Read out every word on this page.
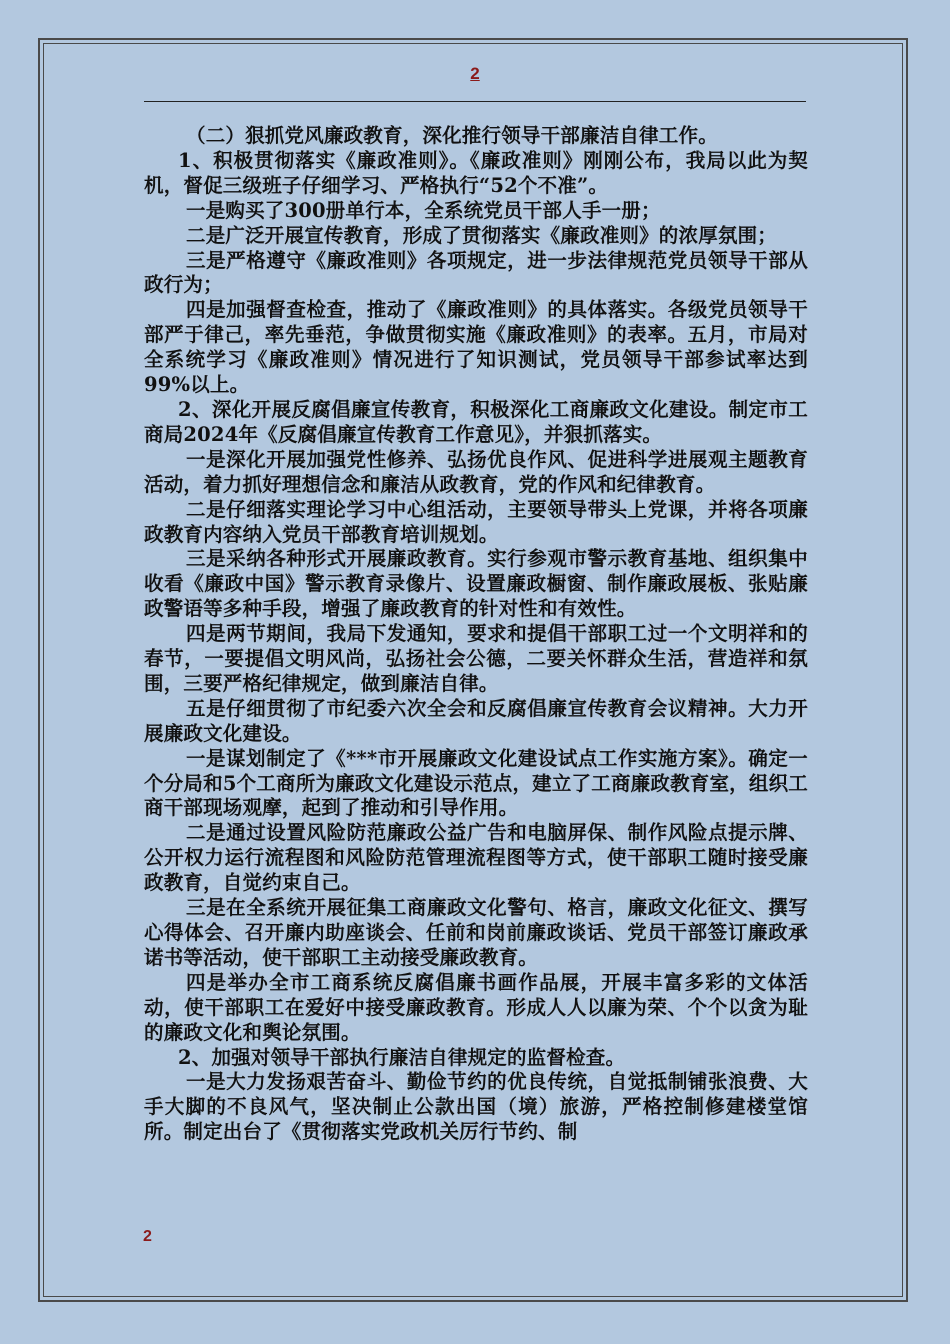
2

（二）狠抓党风廉政教育，深化推行领导干部廉洁自律工作。

1、积极贯彻落实《廉政准则》。《廉政准则》刚刚公布，我局以此为契机，督促三级班子仔细学习、严格执行“52个不准”。

一是购买了300册单行本，全系统党员干部人手一册；

二是广泛开展宣传教育，形成了贯彻落实《廉政准则》的浓厚氛围；

三是严格遵守《廉政准则》各项规定，进一步法律规范党员领导干部从政行为；

四是加强督查检查，推动了《廉政准则》的具体落实。各级党员领导干部严于律己，率先垂范，争做贯彻实施《廉政准则》的表率。五月，市局对全系统学习《廉政准则》情况进行了知识测试，党员领导干部参试率达到99%以上。

2、深化开展反腐倡廉宣传教育，积极深化工商廉政文化建设。制定市工商局2024年《反腐倡廉宣传教育工作意见》，并狠抓落实。

一是深化开展加强党性修养、弘扬优良作风、促进科学进展观主题教育活动，着力抓好理想信念和廉洁从政教育，党的作风和纪律教育。

二是仔细落实理论学习中心组活动，主要领导带头上党课，并将各项廉政教育内容纳入党员干部教育培训规划。

三是采纳各种形式开展廉政教育。实行参观市警示教育基地、组织集中收看《廉政中国》警示教育录像片、设置廉政橱窗、制作廉政展板、张贴廉政警语等多种手段，增强了廉政教育的针对性和有效性。

四是两节期间，我局下发通知，要求和提倡干部职工过一个文明祥和的春节，一要提倡文明风尚，弘扬社会公德，二要关怀群众生活，营造祥和氛围，三要严格纪律规定，做到廉洁自律。

五是仔细贯彻了市纪委六次全会和反腐倡廉宣传教育会议精神。大力开展廉政文化建设。

一是谋划制定了《***市开展廉政文化建设试点工作实施方案》。确定一个分局和5个工商所为廉政文化建设示范点，建立了工商廉政教育室，组织工商干部现场观摩，起到了推动和引导作用。

二是通过设置风险防范廉政公益广告和电脑屏保、制作风险点提示牌、公开权力运行流程图和风险防范管理流程图等方式，使干部职工随时接受廉政教育，自觉约束自己。

三是在全系统开展征集工商廉政文化警句、格言，廉政文化征文、撰写心得体会、召开廉内助座谈会、任前和岗前廉政谈话、党员干部签订廉政承诺书等活动，使干部职工主动接受廉政教育。

四是举办全市工商系统反腐倡廉书画作品展，开展丰富多彩的文体活动，使干部职工在爱好中接受廉政教育。形成人人以廉为荣、个个以贪为耻的廉政文化和舆论氛围。

2、加强对领导干部执行廉洁自律规定的监督检查。

一是大力发扬艰苦奋斗、勤俭节约的优良传统，自觉抵制铺张浪费、大手大脚的不良风气，坚决制止公款出国（境）旅游，严格控制修建楼堂馆所。制定出台了《贯彻落实党政机关厉行节约、制

2
